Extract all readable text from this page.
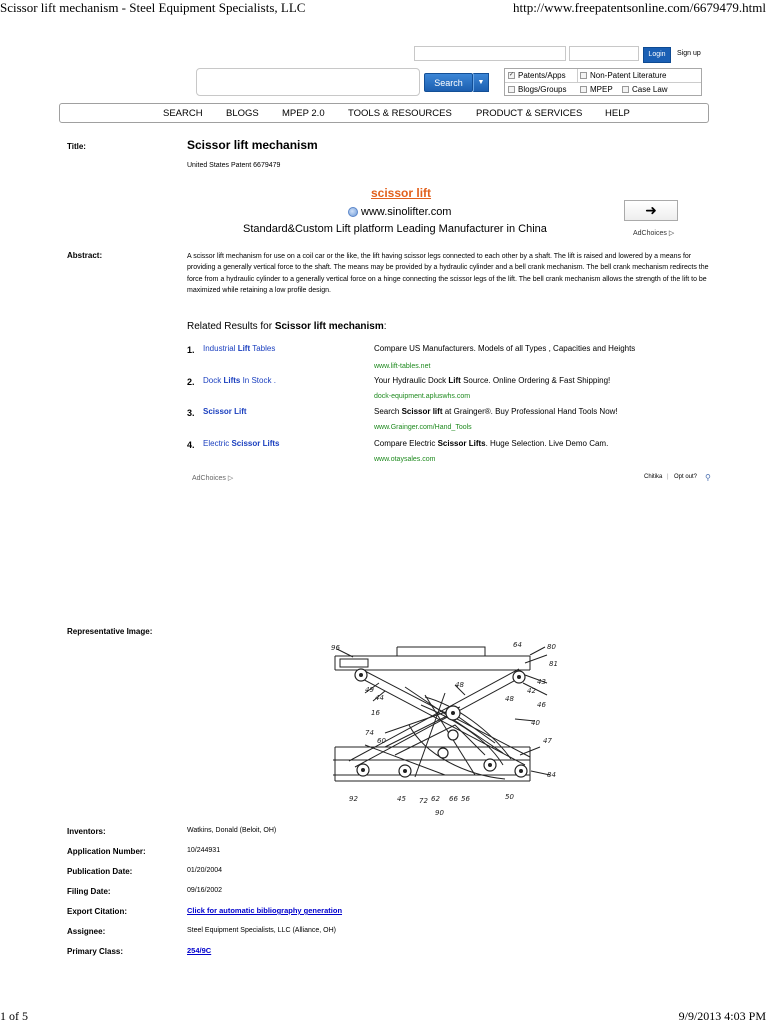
Scissor lift mechanism - Steel Equipment Specialists, LLC	http://www.freepatentsonline.com/6679479.html
Login	Sign up
Search	▼
✓ Patents/Apps	Non-Patent Literature
Blogs/Groups	MPEP Case Law
SEARCH BLOGS MPEP 2.0 TOOLS & RESOURCES	PRODUCT & SERVICES HELP
Title:	Scissor lift mechanism
United States Patent 6679479
scissor lift
www.sinolifter.com
Standard&Custom Lift platform Leading Manufacturer in China
➜
AdChoices ▷
Abstract:	A scissor lift mechanism for use on a coil car or the like, the lift having scissor legs connected to each other by a shaft. The lift is raised and lowered by a means for providing a generally vertical force to the shaft. The means may be provided by a hydraulic cylinder and a bell crank mechanism. The bell crank mechanism redirects the force from a hydraulic cylinder to a generally vertical force on a hinge connecting the scissor legs of the lift. The bell crank mechanism allows the strength of the lift to be maximized while retaining a low profile design.
Related Results for Scissor lift mechanism:
1. Industrial Lift Tables	Compare US Manufacturers. Models of all Types , Capacities and Heights
www.lift-tables.net
2. Dock Lifts In Stock .	Your Hydraulic Dock Lift Source. Online Ordering & Fast Shipping!
dock-equipment.apluswhs.com
3. Scissor Lift	Search Scissor lift at Grainger®. Buy Professional Hand Tools Now!
www.Grainger.com/Hand_Tools
4. Electric Scissor Lifts	Compare Electric Scissor Lifts. Huge Selection. Live Demo Cam.
www.otaysales.com
AdChoices ▷	Chitika | Opt out? ⚲
Representative Image:
96	64	80
81
43
49
48
42
44	48
46
16
40
74
60	47
84
92	45 72 62 66 56	50
90
Inventors:	Watkins, Donald (Beloit, OH)
Application Number:	10/244931
Publication Date:	01/20/2004
Filing Date:	09/16/2002
Export Citation:	Click for automatic bibliography generation
Assignee:	Steel Equipment Specialists, LLC (Alliance, OH)
Primary Class:	254/9C
1 of 5	9/9/2013 4:03 PM
